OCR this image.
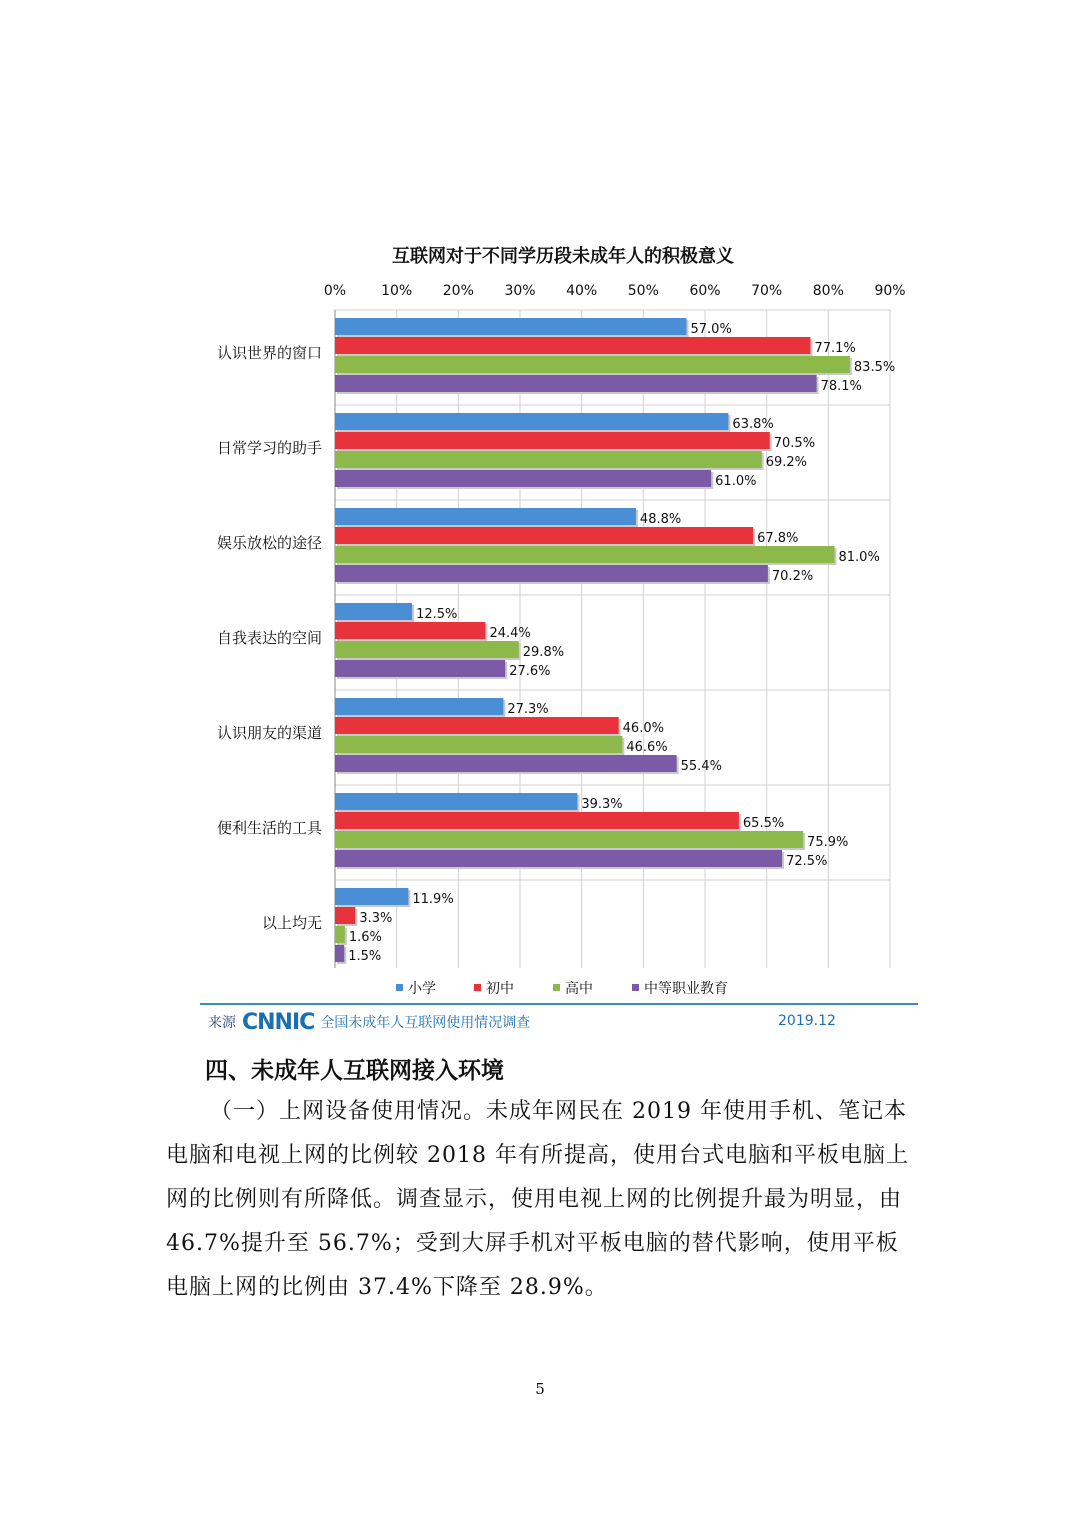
互联网对于不同学历段未成年人的积极意义
0% 10% 20% 30% 40% 50% 60% 70% 80% 90%
认识世界的窗口
57.0%
77.1%
83.5%
78.1%
日常学习的助手
63.8%
70.5%
69.2%
61.0%
娱乐放松的途径
48.8%
67.8%
81.0%
70.2%
自我表达的空间
12.5%
24.4%
29.8%
27.6%
认识朋友的渠道
27.3%
46.0%
46.6%
55.4%
便利生活的工具
39.3%
65.5%
75.9%
72.5%
以上均无
11.9%
3.3%
1.6%
1.5%
小学	初中	高中	中等职业教育
来源 CNNIC 全国未成年人互联网使用情况调查	2019.12
四、未成年人互联网接入环境
（一）上网设备使用情况。未成年网民在 2019 年使用手机、笔记本电脑和电视上网的比例较 2018 年有所提高，使用台式电脑和平板电脑上网的比例则有所降低。调查显示，使用电视上网的比例提升最为明显，由 46.7%提升至 56.7%；受到大屏手机对平板电脑的替代影响，使用平板电脑上网的比例由 37.4%下降至 28.9%。
5
